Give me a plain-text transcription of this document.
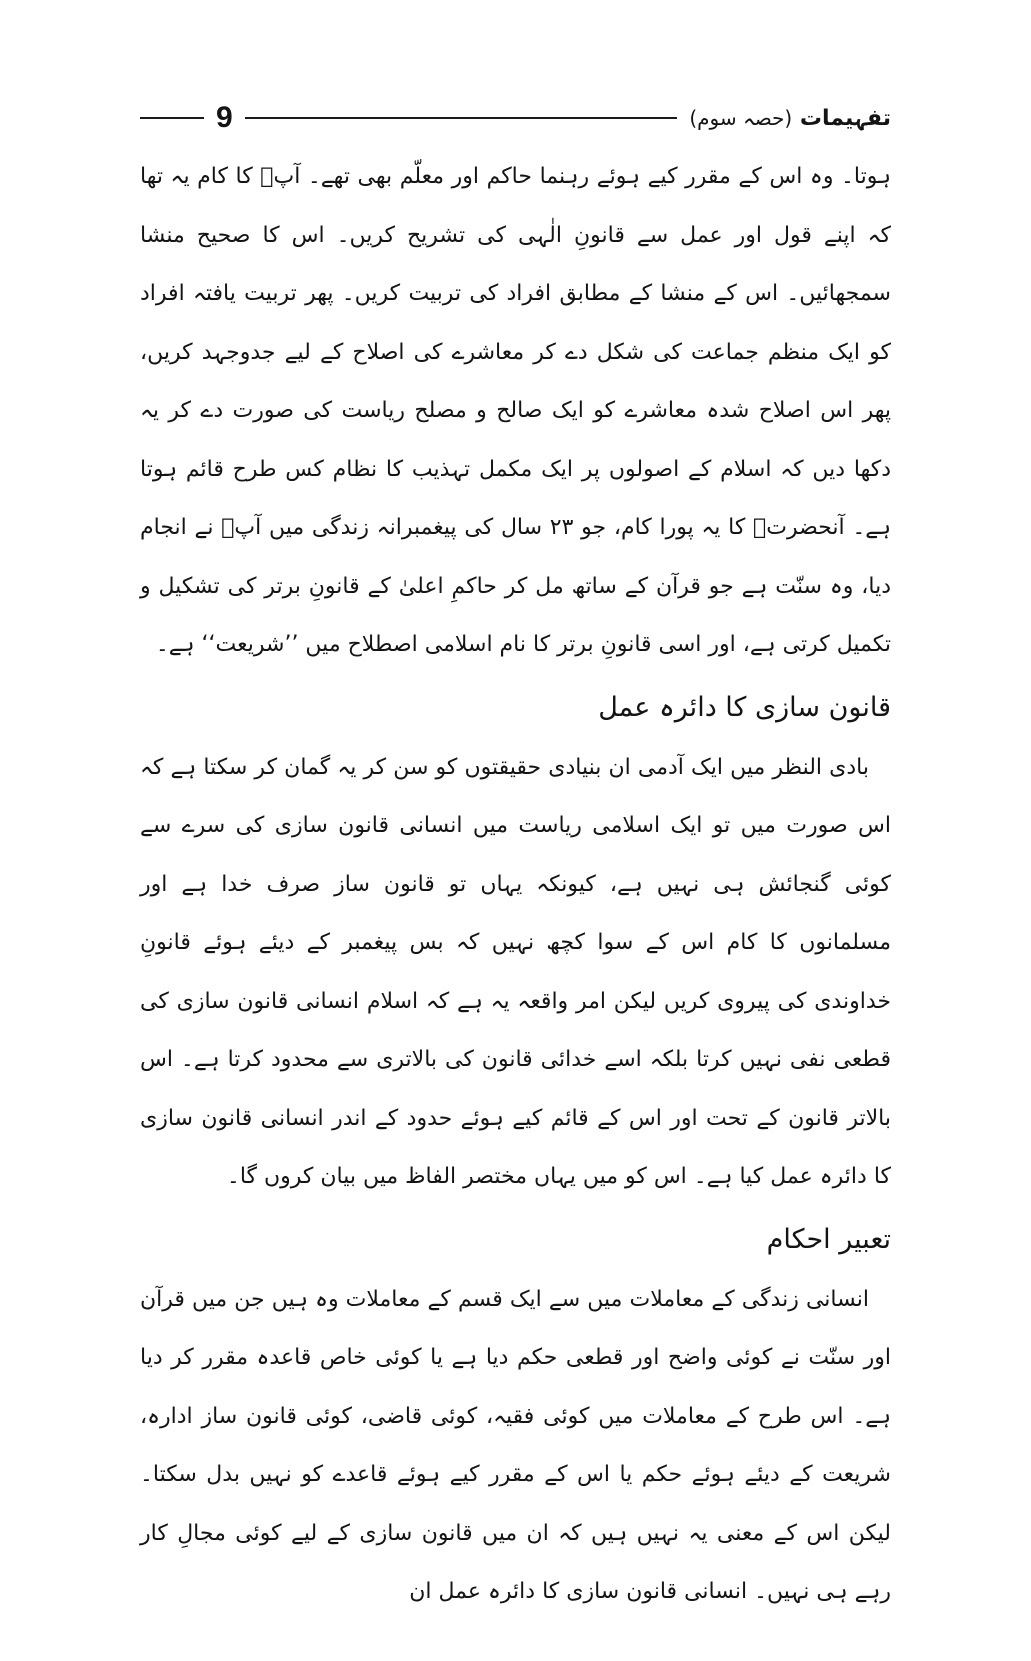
تفہیمات (حصہ سوم)
9

ہوتا۔ وہ اس کے مقرر کیے ہوئے رہنما حاکم اور معلّم بھی تھے۔ آپؐ کا کام یہ تھا کہ اپنے قول اور عمل سے قانونِ الٰہی کی تشریح کریں۔ اس کا صحیح منشا سمجھائیں۔ اس کے منشا کے مطابق افراد کی تربیت کریں۔ پھر تربیت یافتہ افراد کو ایک منظم جماعت کی شکل دے کر معاشرے کی اصلاح کے لیے جدوجہد کریں، پھر اس اصلاح شدہ معاشرے کو ایک صالح و مصلح ریاست کی صورت دے کر یہ دکھا دیں کہ اسلام کے اصولوں پر ایک مکمل تہذیب کا نظام کس طرح قائم ہوتا ہے۔ آنحضرتؐ کا یہ پورا کام، جو ۲۳ سال کی پیغمبرانہ زندگی میں آپؐ نے انجام دیا، وہ سنّت ہے جو قرآن کے ساتھ مل کر حاکمِ اعلیٰ کے قانونِ برتر کی تشکیل و تکمیل کرتی ہے، اور اسی قانونِ برتر کا نام اسلامی اصطلاح میں ’’شریعت‘‘ ہے۔

قانون سازی کا دائرہ عمل

بادی النظر میں ایک آدمی ان بنیادی حقیقتوں کو سن کر یہ گمان کر سکتا ہے کہ اس صورت میں تو ایک اسلامی ریاست میں انسانی قانون سازی کی سرے سے کوئی گنجائش ہی نہیں ہے، کیونکہ یہاں تو قانون ساز صرف خدا ہے اور مسلمانوں کا کام اس کے سوا کچھ نہیں کہ بس پیغمبر کے دیئے ہوئے قانونِ خداوندی کی پیروی کریں لیکن امر واقعہ یہ ہے کہ اسلام انسانی قانون سازی کی قطعی نفی نہیں کرتا بلکہ اسے خدائی قانون کی بالاتری سے محدود کرتا ہے۔ اس بالاتر قانون کے تحت اور اس کے قائم کیے ہوئے حدود کے اندر انسانی قانون سازی کا دائرہ عمل کیا ہے۔ اس کو میں یہاں مختصر الفاظ میں بیان کروں گا۔

تعبیر احکام

انسانی زندگی کے معاملات میں سے ایک قسم کے معاملات وہ ہیں جن میں قرآن اور سنّت نے کوئی واضح اور قطعی حکم دیا ہے یا کوئی خاص قاعدہ مقرر کر دیا ہے۔ اس طرح کے معاملات میں کوئی فقیہ، کوئی قاضی، کوئی قانون ساز ادارہ، شریعت کے دیئے ہوئے حکم یا اس کے مقرر کیے ہوئے قاعدے کو نہیں بدل سکتا۔ لیکن اس کے معنی یہ نہیں ہیں کہ ان میں قانون سازی کے لیے کوئی مجالِ کار رہے ہی نہیں۔ انسانی قانون سازی کا دائرہ عمل ان
